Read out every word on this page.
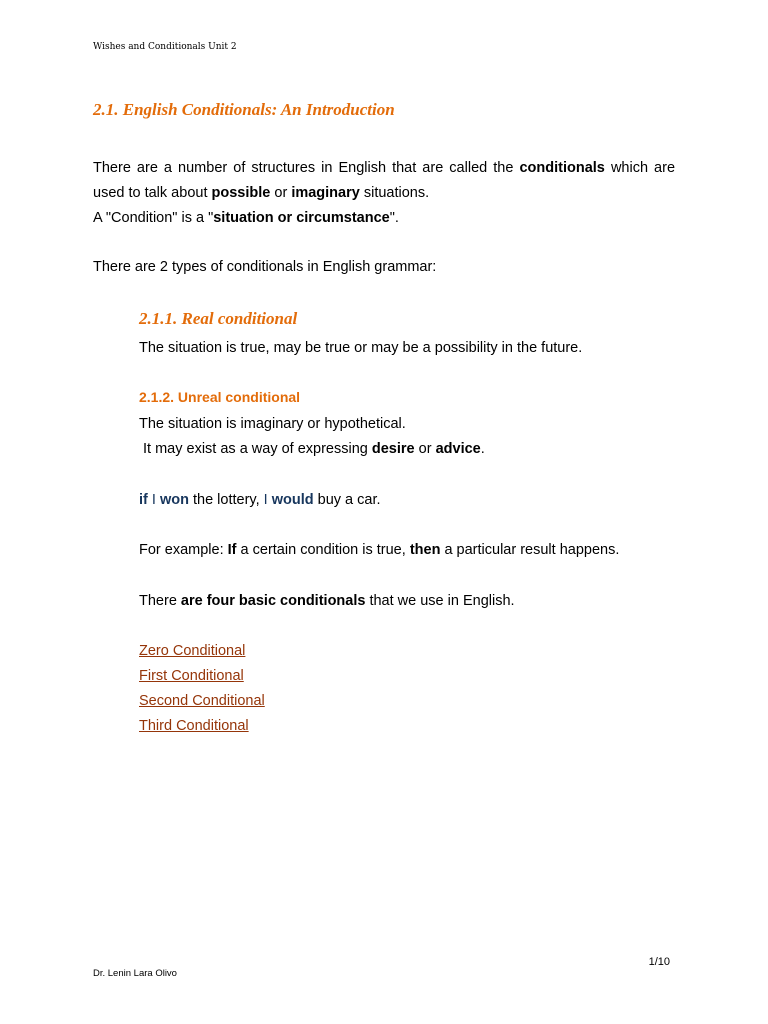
Wishes and Conditionals Unit 2
2.1. English Conditionals: An Introduction

There are a number of structures in English that are called the conditionals which are used to talk about possible or imaginary situations.

A "Condition" is a "situation or circumstance".

There are 2 types of conditionals in English grammar:
2.1.1. Real conditional
The situation is true, may be true or may be a possibility in the future.
2.1.2. Unreal conditional
The situation is imaginary or hypothetical.
It may exist as a way of expressing desire or advice.
if I won the lottery, I would buy a car.
For example: If a certain condition is true, then a particular result happens.
There are four basic conditionals that we use in English.
Zero Conditional
First Conditional
Second Conditional
Third Conditional
1/10
Dr. Lenin Lara Olivo
